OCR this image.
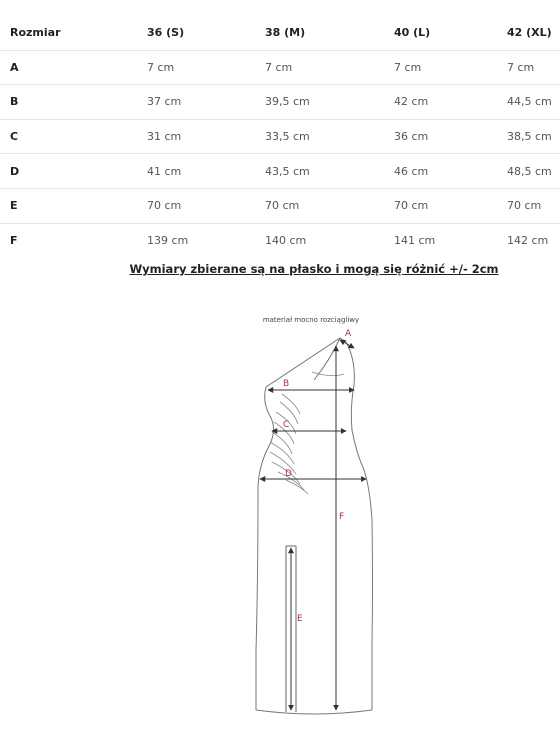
	Rozmiar	36 (S)	38 (M)	40 (L)	42 (XL)
	A	7 cm	7 cm	7 cm	7 cm
	B	37 cm	39,5 cm	42 cm	44,5 cm
	C	31 cm	33,5 cm	36 cm	38,5 cm
	D	41 cm	43,5 cm	46 cm	48,5 cm
	E	70 cm	70 cm	70 cm	70 cm
	F	139 cm	140 cm	141 cm	142 cm
Wymiary zbierane są na płasko i mogą się różnić +/- 2cm
materiał mocno rozciągliwy
A
B
C
D
E
F
